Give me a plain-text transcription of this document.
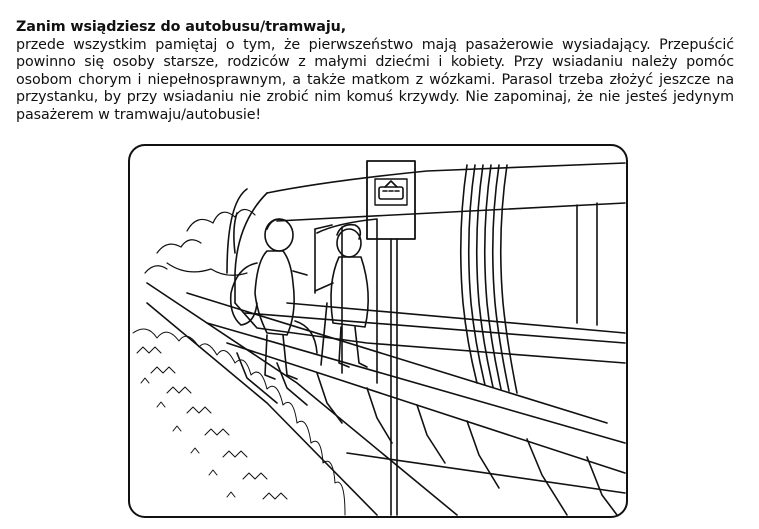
Zanim wsiądziesz do autobusu/tramwaju,
przede wszystkim pamiętaj o tym, że pierwszeństwo mają pasażerowie wysiadający. Przepuścić powinno się osoby starsze, rodziców z małymi dziećmi i kobiety. Przy wsiadaniu należy pomóc osobom chorym i niepełnosprawnym, a także matkom z wózkami. Parasol trzeba złożyć jeszcze na przystanku, by przy wsiadaniu nie zrobić nim komuś krzywdy. Nie zapominaj, że nie jesteś jedynym pasażerem w tramwaju/autobusie!
